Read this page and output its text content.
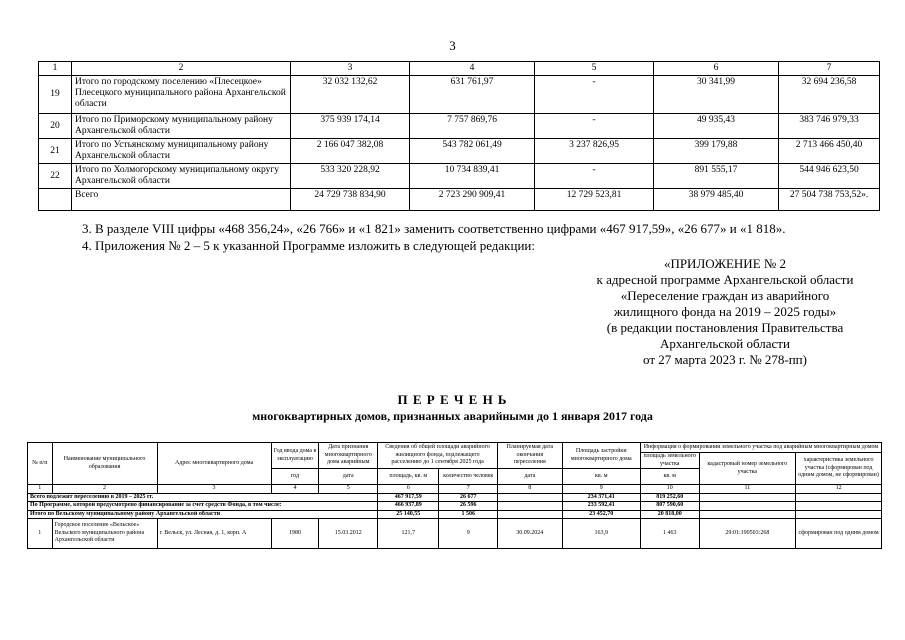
3
1	2	3	4	5	6	7
19	Итого по городскому поселению «Плесецкое» Плесецкого муниципального района Архангельской области	32 032 132,62	631 761,97	-	30 341,99	32 694 236,58
20	Итого по Приморскому муниципальному району Архангельской области	375 939 174,14	7 757 869,76	-	49 935,43	383 746 979,33
21	Итого по Устьянскому муниципальному району Архангельской области	2 166 047 382,08	543 782 061,49	3 237 826,95	399 179,88	2 713 466 450,40
22	Итого по Холмогорскому муниципальному округу Архангельской области	533 320 228,92	10 734 839,41	-	891 555,17	544 946 623,50
	Всего	24 729 738 834,90	2 723 290 909,41	12 729 523,81	38 979 485,40	27 504 738 753,52».
3. В разделе VIII цифры «468 356,24», «26 766» и «1 821» заменить соответственно цифрами «467 917,59», «26 677» и «1 818».
4. Приложения № 2 – 5 к указанной Программе изложить в следующей редакции:
«ПРИЛОЖЕНИЕ № 2
к адресной программе Архангельской области
«Переселение граждан из аварийного
жилищного фонда на 2019 – 2025 годы»
(в редакции постановления Правительства
Архангельской области
от 27 марта 2023 г. № 278-пп)
П Е Р Е Ч Е Н Ь
многоквартирных домов, признанных аварийными до 1 января 2017 года
№ п/п	Наименование муниципального образования	Адрес многоквартирного дома	Год ввода дома в эксплуатацию	Дата признания многоквартирного дома аварийным	Сведения об общей площади аварийного жилищного фонда, подлежащего расселению до 1 сентября 2025 года		Планируемая дата окончания переселения	Площадь застройки многоквартирного дома	Информация о формировании земельного участка под аварийным многоквартирным домом		
									площадь земельного участка	кадастровый номер земельного участка	характеристика земельного участка (сформирован под одним домом, не сформирован)
			год	дата	площадь, кв. м	количество человек	дата	кв. м	кв. м		
1	2	3	4	5	6	7	8	9	10	11	12
Всего подлежит переселению в 2019 – 2025 гг.					467 917,59	26 677		234 371,41	819 252,60		
По Программе, которой предусмотрено финансирование за счет средств Фонда, в том числе:					466 937,89	26 596		233 592,41	807 590,60		
Итого по Вельскому муниципальному району Архангельской области					25 140,55	1 506		23 452,70	20 818,00		
1	Городское поселение «Вельское» Вельского муниципального района Архангельской области	г. Вельск, ул. Лесная, д. 1, корп. А	1980	15.03.2012	121,7	9	30.09.2024	163,9	1 463	29:01:190503:268	сформирован под одним домом
